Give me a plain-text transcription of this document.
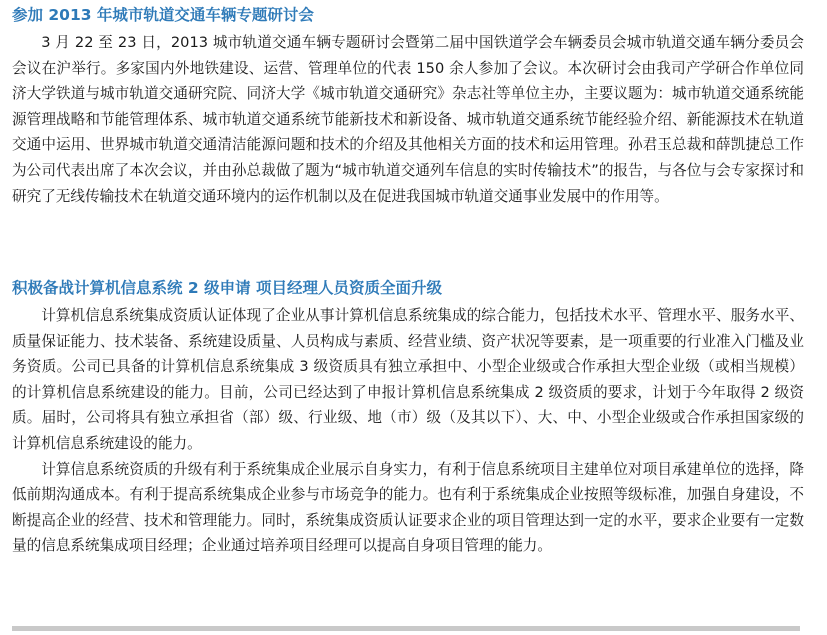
参加 2013 年城市轨道交通车辆专题研讨会

3 月 22 至 23 日，2013 城市轨道交通车辆专题研讨会暨第二届中国铁道学会车辆委员会城市轨道交通车辆分委员会会议在沪举行。多家国内外地铁建设、运营、管理单位的代表 150 余人参加了会议。本次研讨会由我司产学研合作单位同济大学铁道与城市轨道交通研究院、同济大学《城市轨道交通研究》杂志社等单位主办，主要议题为：城市轨道交通系统能源管理战略和节能管理体系、城市轨道交通系统节能新技术和新设备、城市轨道交通系统节能经验介绍、新能源技术在轨道交通中运用、世界城市轨道交通清洁能源问题和技术的介绍及其他相关方面的技术和运用管理。孙君玉总裁和薛凯捷总工作为公司代表出席了本次会议，并由孙总裁做了题为“城市轨道交通列车信息的实时传输技术”的报告，与各位与会专家探讨和研究了无线传输技术在轨道交通环境内的运作机制以及在促进我国城市轨道交通事业发展中的作用等。

积极备战计算机信息系统 2 级申请 项目经理人员资质全面升级

计算机信息系统集成资质认证体现了企业从事计算机信息系统集成的综合能力，包括技术水平、管理水平、服务水平、质量保证能力、技术装备、系统建设质量、人员构成与素质、经营业绩、资产状况等要素，是一项重要的行业准入门槛及业务资质。公司已具备的计算机信息系统集成 3 级资质具有独立承担中、小型企业级或合作承担大型企业级（或相当规模）的计算机信息系统建设的能力。目前，公司已经达到了申报计算机信息系统集成 2 级资质的要求，计划于今年取得 2 级资质。届时，公司将具有独立承担省（部）级、行业级、地（市）级（及其以下）、大、中、小型企业级或合作承担国家级的计算机信息系统建设的能力。

计算信息系统资质的升级有利于系统集成企业展示自身实力，有利于信息系统项目主建单位对项目承建单位的选择，降低前期沟通成本。有利于提高系统集成企业参与市场竞争的能力。也有利于系统集成企业按照等级标准，加强自身建设，不断提高企业的经营、技术和管理能力。同时，系统集成资质认证要求企业的项目管理达到一定的水平，要求企业要有一定数量的信息系统集成项目经理；企业通过培养项目经理可以提高自身项目管理的能力。
